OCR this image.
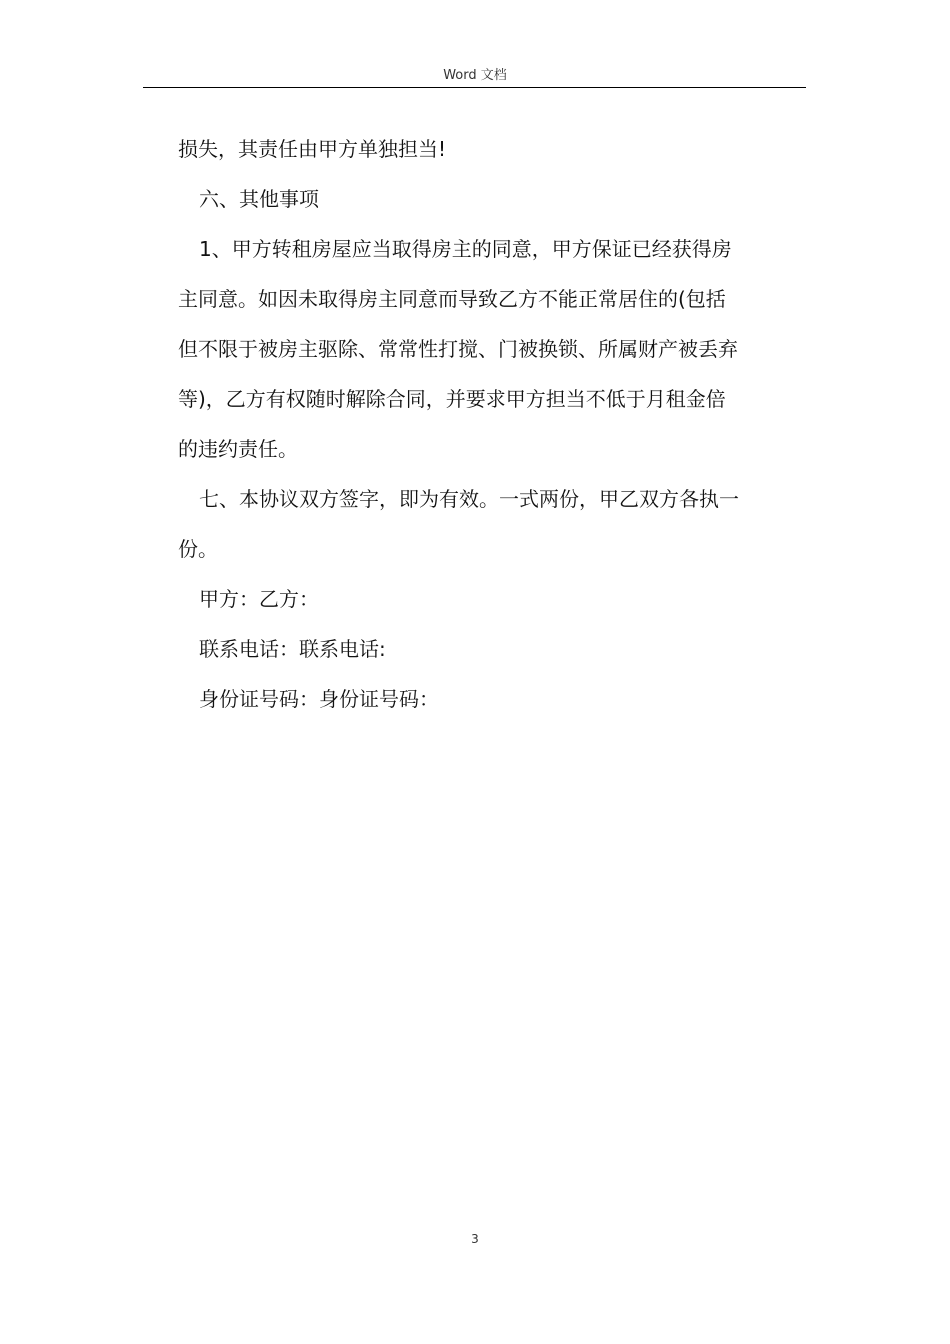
Word 文档
损失，其责任由甲方单独担当!
六、其他事项
1、甲方转租房屋应当取得房主的同意，甲方保证已经获得房
主同意。如因未取得房主同意而导致乙方不能正常居住的(包括
但不限于被房主驱除、常常性打搅、门被换锁、所属财产被丢弃
等)，乙方有权随时解除合同，并要求甲方担当不低于月租金倍
的违约责任。
七、本协议双方签字，即为有效。一式两份，甲乙双方各执一
份。
甲方：乙方：
联系电话：联系电话:
身份证号码：身份证号码：
3
